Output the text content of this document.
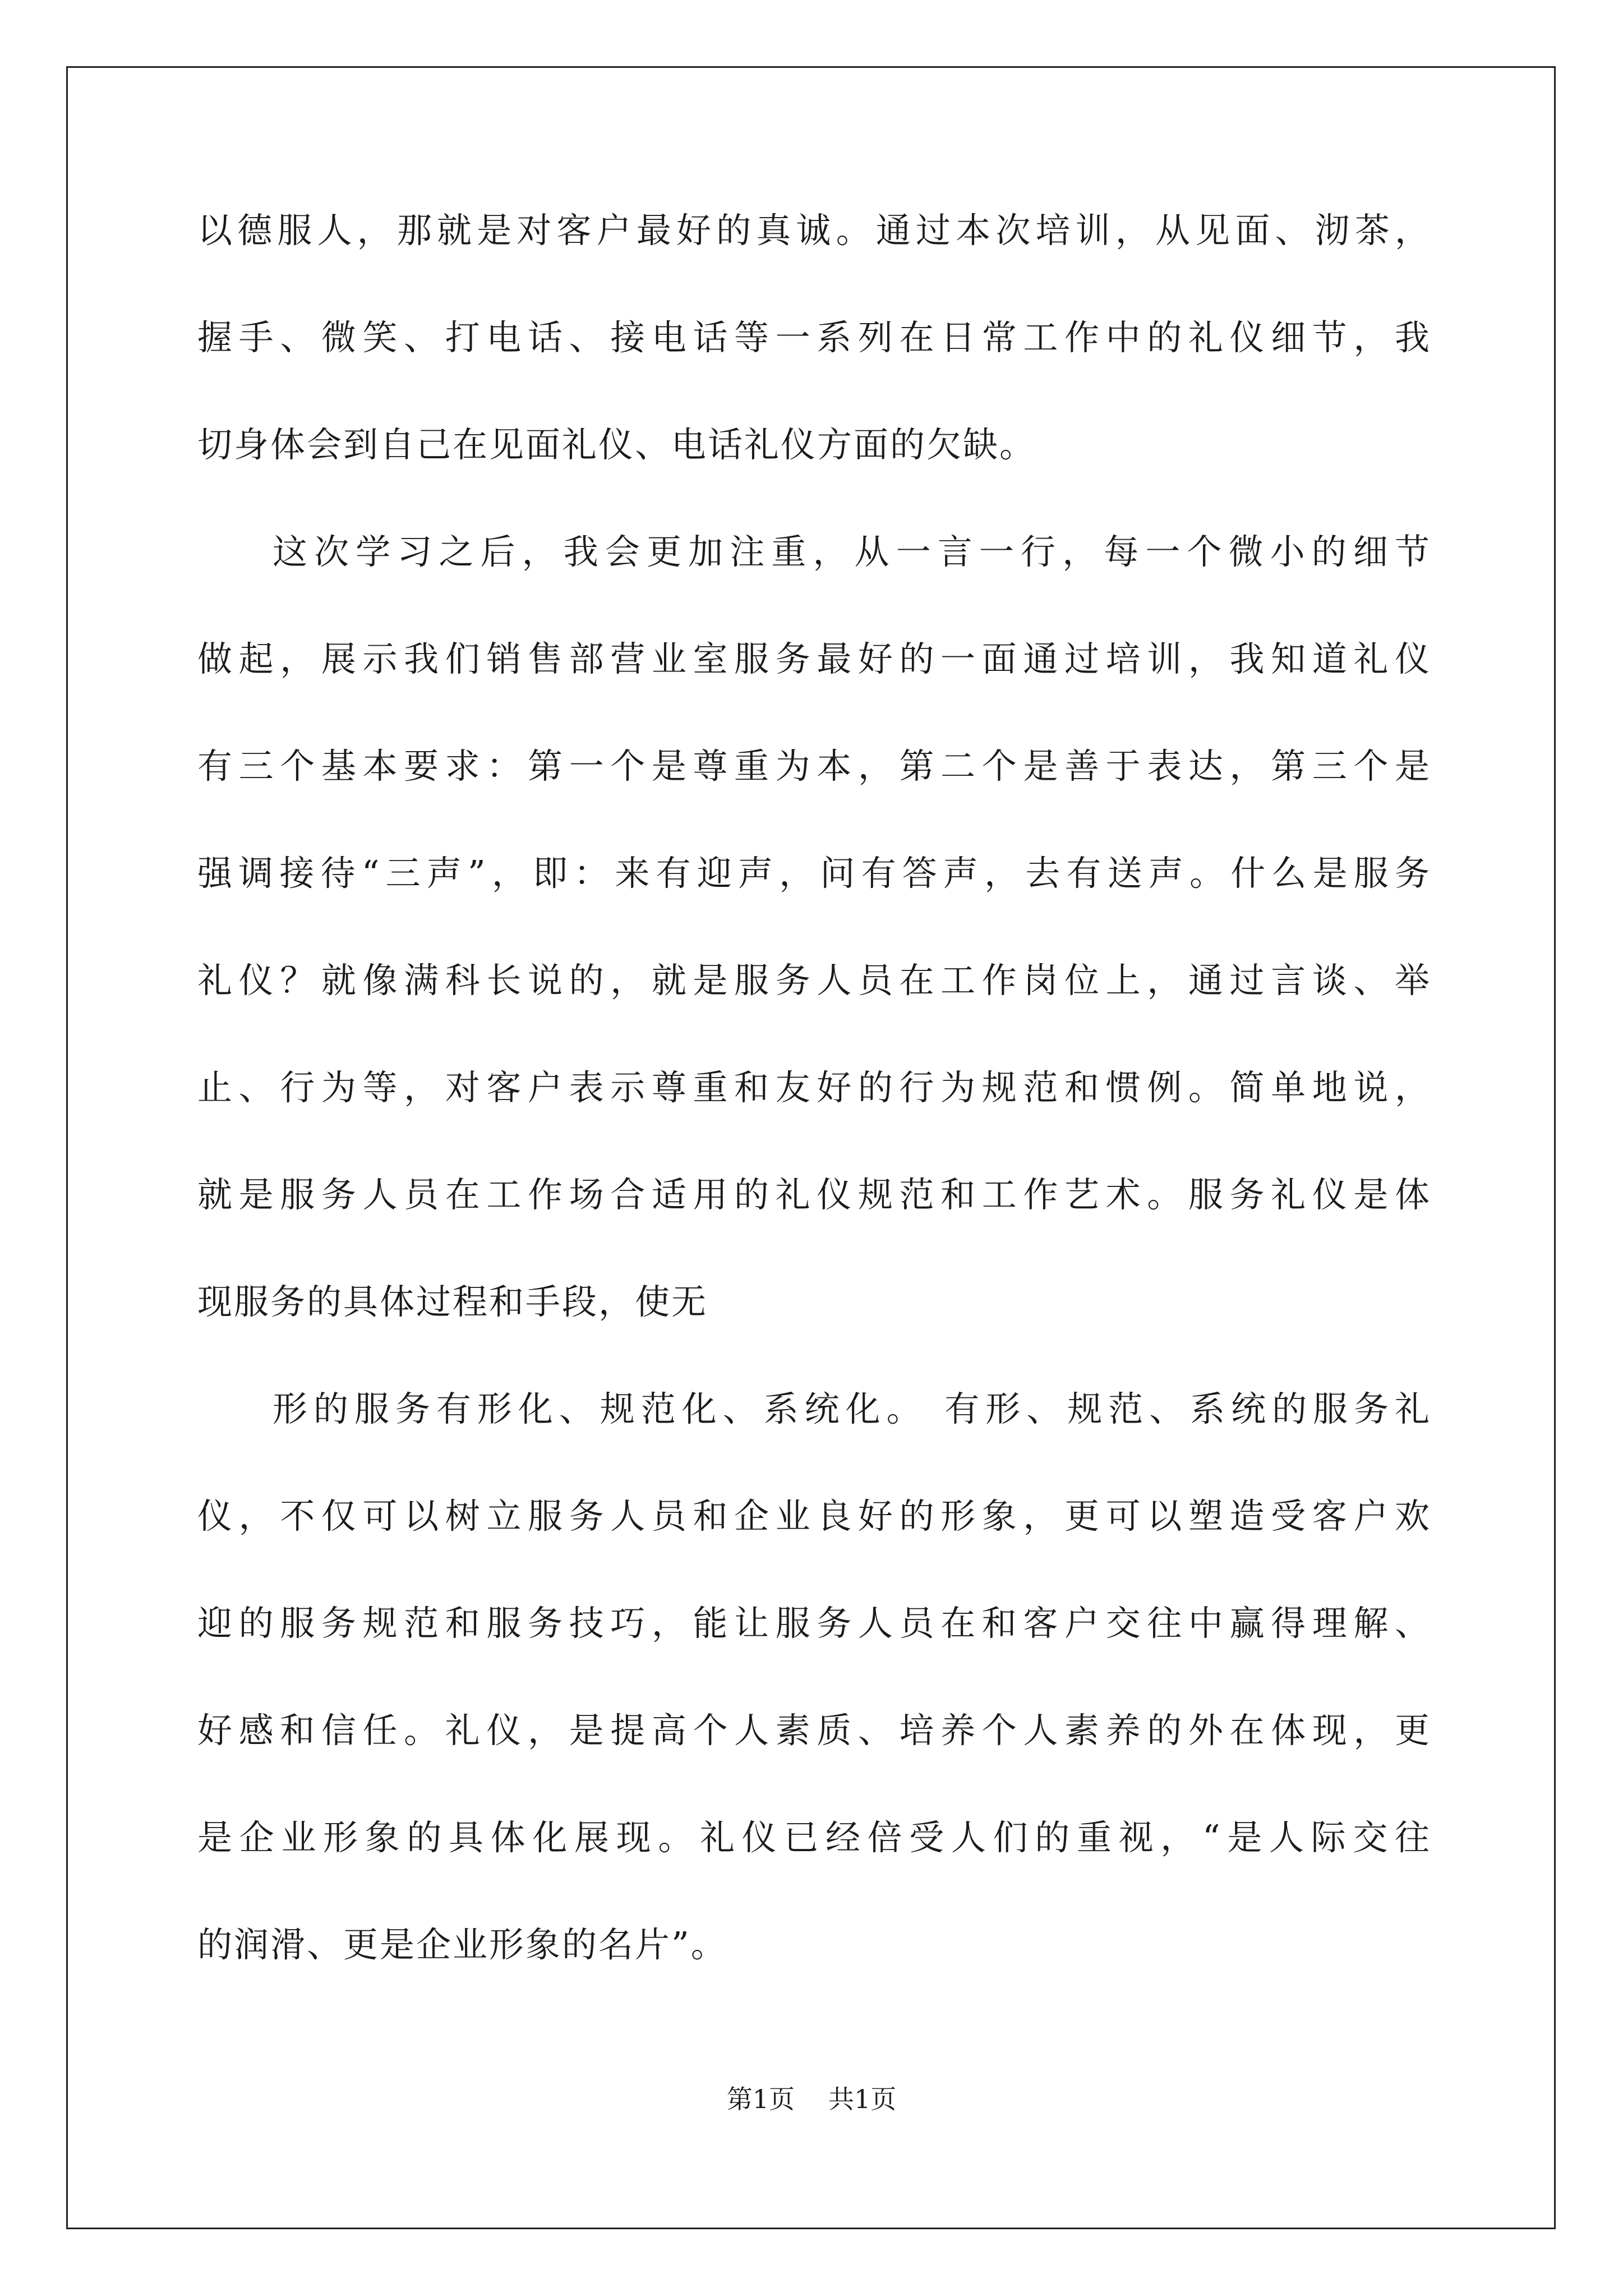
以德服人，那就是对客户最好的真诚。通过本次培训，从见面、沏茶，
握手、微笑、打电话、接电话等一系列在日常工作中的礼仪细节，我
切身体会到自己在见面礼仪、电话礼仪方面的欠缺。
这次学习之后，我会更加注重，从一言一行，每一个微小的细节
做起，展示我们销售部营业室服务最好的一面通过培训，我知道礼仪
有三个基本要求：第一个是尊重为本，第二个是善于表达，第三个是
强调接待“三声”，即：来有迎声，问有答声，去有送声。什么是服务
礼仪？就像满科长说的，就是服务人员在工作岗位上，通过言谈、举
止、行为等，对客户表示尊重和友好的行为规范和惯例。简单地说，
就是服务人员在工作场合适用的礼仪规范和工作艺术。服务礼仪是体
现服务的具体过程和手段，使无
形的服务有形化、规范化、系统化。 有形、规范、系统的服务礼
仪，不仅可以树立服务人员和企业良好的形象，更可以塑造受客户欢
迎的服务规范和服务技巧，能让服务人员在和客户交往中赢得理解、
好感和信任。礼仪，是提高个人素质、培养个人素养的外在体现，更
是企业形象的具体化展现。礼仪已经倍受人们的重视，“是人际交往
的润滑、更是企业形象的名片”。
第1页 共1页
